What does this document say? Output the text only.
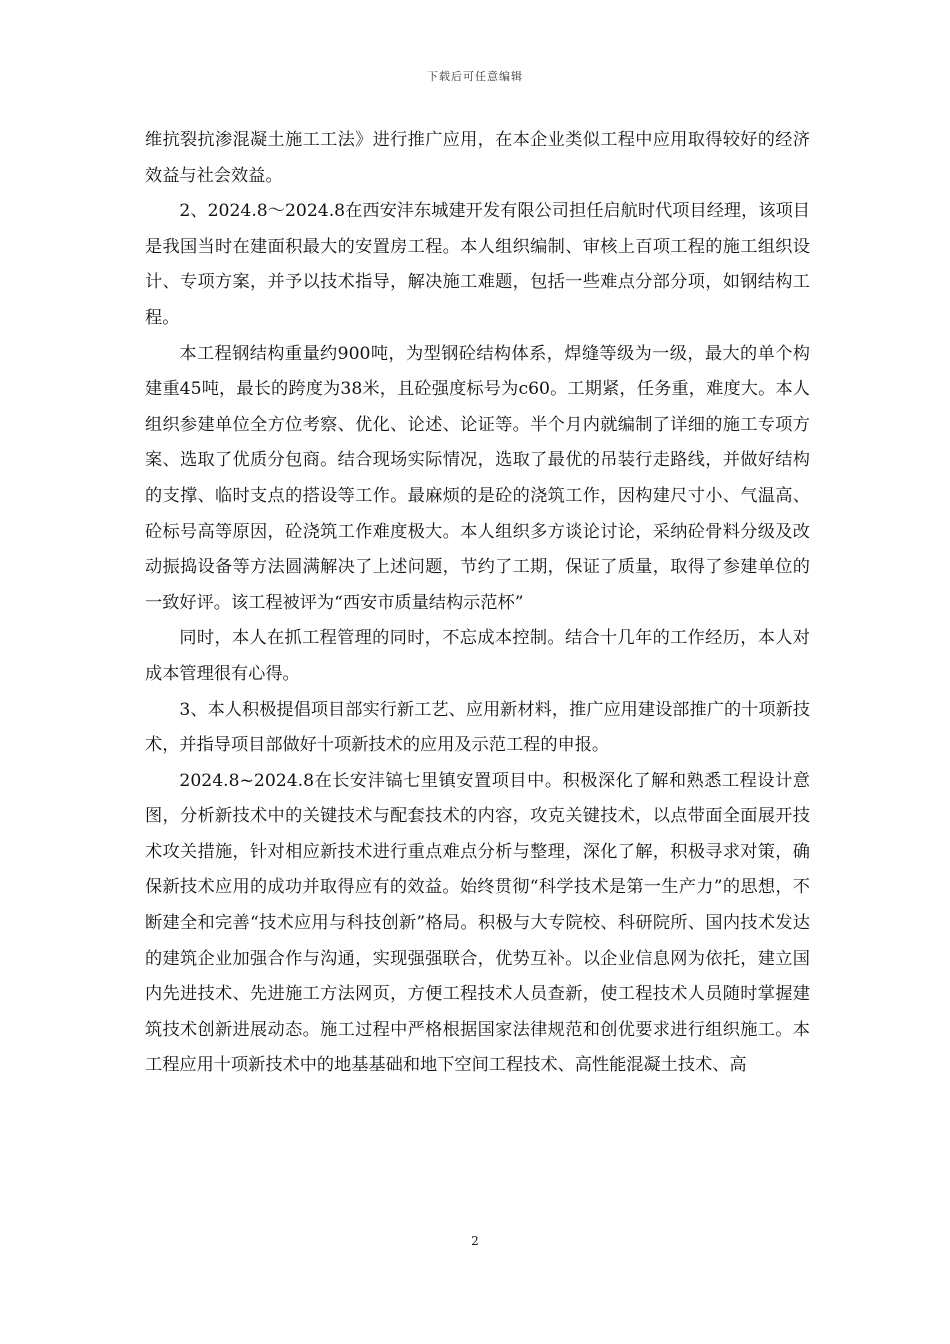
下载后可任意编辑

维抗裂抗渗混凝土施工工法》进行推广应用，在本企业类似工程中应用取得较好的经济效益与社会效益。

2、2024.8～2024.8在西安沣东城建开发有限公司担任启航时代项目经理，该项目是我国当时在建面积最大的安置房工程。本人组织编制、审核上百项工程的施工组织设计、专项方案，并予以技术指导，解决施工难题，包括一些难点分部分项，如钢结构工程。

本工程钢结构重量约900吨，为型钢砼结构体系，焊缝等级为一级，最大的单个构建重45吨，最长的跨度为38米，且砼强度标号为c60。工期紧，任务重，难度大。本人组织参建单位全方位考察、优化、论述、论证等。半个月内就编制了详细的施工专项方案、选取了优质分包商。结合现场实际情况，选取了最优的吊装行走路线，并做好结构的支撑、临时支点的搭设等工作。最麻烦的是砼的浇筑工作，因构建尺寸小、气温高、砼标号高等原因，砼浇筑工作难度极大。本人组织多方谈论讨论，采纳砼骨料分级及改动振捣设备等方法圆满解决了上述问题，节约了工期，保证了质量，取得了参建单位的一致好评。该工程被评为“西安市质量结构示范杯”

同时，本人在抓工程管理的同时，不忘成本控制。结合十几年的工作经历，本人对成本管理很有心得。

3、本人积极提倡项目部实行新工艺、应用新材料，推广应用建设部推广的十项新技术，并指导项目部做好十项新技术的应用及示范工程的申报。

2024.8~2024.8在长安沣镐七里镇安置项目中。积极深化了解和熟悉工程设计意图，分析新技术中的关键技术与配套技术的内容，攻克关键技术，以点带面全面展开技术攻关措施，针对相应新技术进行重点难点分析与整理，深化了解，积极寻求对策，确保新技术应用的成功并取得应有的效益。始终贯彻“科学技术是第一生产力”的思想，不断建全和完善“技术应用与科技创新”格局。积极与大专院校、科研院所、国内技术发达的建筑企业加强合作与沟通，实现强强联合，优势互补。以企业信息网为依托，建立国内先进技术、先进施工方法网页，方便工程技术人员查新，使工程技术人员随时掌握建筑技术创新进展动态。施工过程中严格根据国家法律规范和创优要求进行组织施工。本工程应用十项新技术中的地基基础和地下空间工程技术、高性能混凝土技术、高

2
